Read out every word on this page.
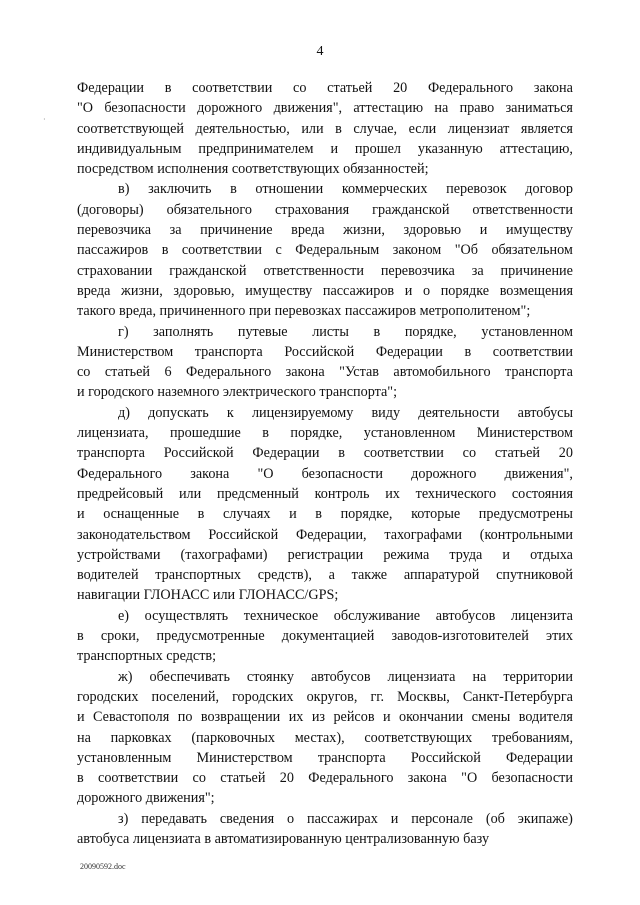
4
·
Федерации в соответствии со статьей 20 Федерального закона
"О безопасности дорожного движения", аттестацию на право заниматься
соответствующей деятельностью, или в случае, если лицензиат является
индивидуальным предпринимателем и прошел указанную аттестацию,
посредством исполнения соответствующих обязанностей;
в) заключить в отношении коммерческих перевозок договор
(договоры) обязательного страхования гражданской ответственности
перевозчика за причинение вреда жизни, здоровью и имуществу
пассажиров в соответствии с Федеральным законом "Об обязательном
страховании гражданской ответственности перевозчика за причинение
вреда жизни, здоровью, имуществу пассажиров и о порядке возмещения
такого вреда, причиненного при перевозках пассажиров метрополитеном";
г) заполнять путевые листы в порядке, установленном
Министерством транспорта Российской Федерации в соответствии
со статьей 6 Федерального закона "Устав автомобильного транспорта
и городского наземного электрического транспорта";
д) допускать к лицензируемому виду деятельности автобусы
лицензиата, прошедшие в порядке, установленном Министерством
транспорта Российской Федерации в соответствии со статьей 20
Федерального закона "О безопасности дорожного движения",
предрейсовый или предсменный контроль их технического состояния
и оснащенные в случаях и в порядке, которые предусмотрены
законодательством Российской Федерации, тахографами (контрольными
устройствами (тахографами) регистрации режима труда и отдыха
водителей транспортных средств), а также аппаратурой спутниковой
навигации ГЛОНАСС или ГЛОНАСС/GPS;
е) осуществлять техническое обслуживание автобусов лицензита
в сроки, предусмотренные документацией заводов-изготовителей этих
транспортных средств;
ж) обеспечивать стоянку автобусов лицензиата на территории
городских поселений, городских округов, гг. Москвы, Санкт-Петербурга
и Севастополя по возвращении их из рейсов и окончании смены водителя
на парковках (парковочных местах), соответствующих требованиям,
установленным Министерством транспорта Российской Федерации
в соответствии со статьей 20 Федерального закона "О безопасности
дорожного движения";
з) передавать сведения о пассажирах и персонале (об экипаже)
автобуса лицензиата в автоматизированную централизованную базу
20090592.doc
